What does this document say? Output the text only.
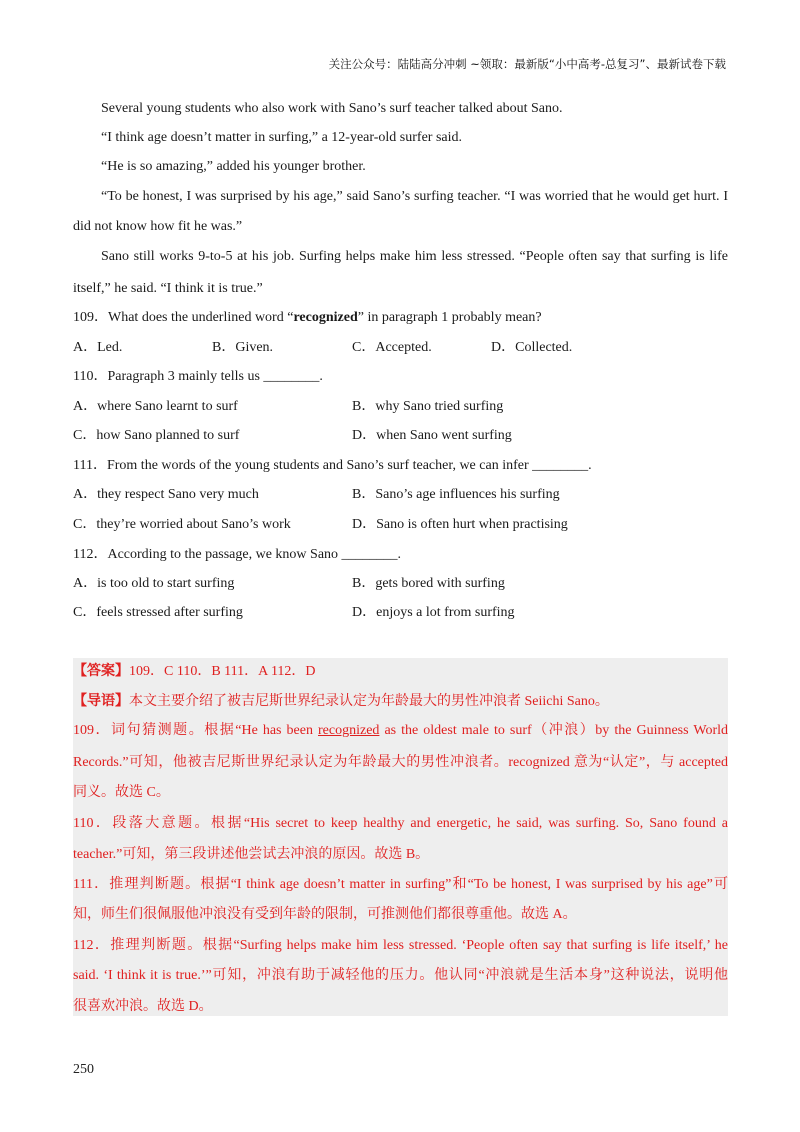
关注公众号：陆陆高分冲刺 ~领取：最新版“小中高考-总复习”、最新试卷下载
Several young students who also work with Sano’s surf teacher talked about Sano.
“I think age doesn’t matter in surfing,” a 12-year-old surfer said.
“He is so amazing,” added his younger brother.
“To be honest, I was surprised by his age,” said Sano’s surfing teacher. “I was worried that he would get hurt. I
did not know how fit he was.”
Sano still works 9-to-5 at his job. Surfing helps make him less stressed. “People often say that surfing is life
itself,” he said. “I think it is true.”
109．What does the underlined word “recognized” in paragraph 1 probably mean?
A．Led.	B．Given.	C．Accepted.	D．Collected.
110．Paragraph 3 mainly tells us ________.
A．where Sano learnt to surf	B．why Sano tried surfing
C．how Sano planned to surf	D．when Sano went surfing
111．From the words of the young students and Sano’s surf teacher, we can infer ________.
A．they respect Sano very much	B．Sano’s age influences his surfing
C．they’re worried about Sano’s work	D．Sano is often hurt when practising
112．According to the passage, we know Sano ________.
A．is too old to start surfing	B．gets bored with surfing
C．feels stressed after surfing	D．enjoys a lot from surfing
【答案】109．C 110．B 111．A 112．D
【导语】本文主要介绍了被吉尼斯世界纪录认定为年龄最大的男性冲浪者 Seiichi Sano。
109．词句猜测题。根据“He has been recognized as the oldest male to surf（冲浪）by the Guinness World
Records.”可知，他被吉尼斯世界纪录认定为年龄最大的男性冲浪者。recognized 意为“认定”，与 accepted
同义。故选 C。
110．段落大意题。根据“His secret to keep healthy and energetic, he said, was surfing. So, Sano found a
teacher.”可知，第三段讲述他尝试去冲浪的原因。故选 B。
111．推理判断题。根据“I think age doesn’t matter in surfing”和“To be honest, I was surprised by his age”可
知，师生们很佩服他冲浪没有受到年龄的限制，可推测他们都很尊重他。故选 A。
112．推理判断题。根据“Surfing helps make him less stressed. ‘People often say that surfing is life itself,’ he
said. ‘I think it is true.’”可知，冲浪有助于减轻他的压力。他认同“冲浪就是生活本身”这种说法，说明他
很喜欢冲浪。故选 D。
250
